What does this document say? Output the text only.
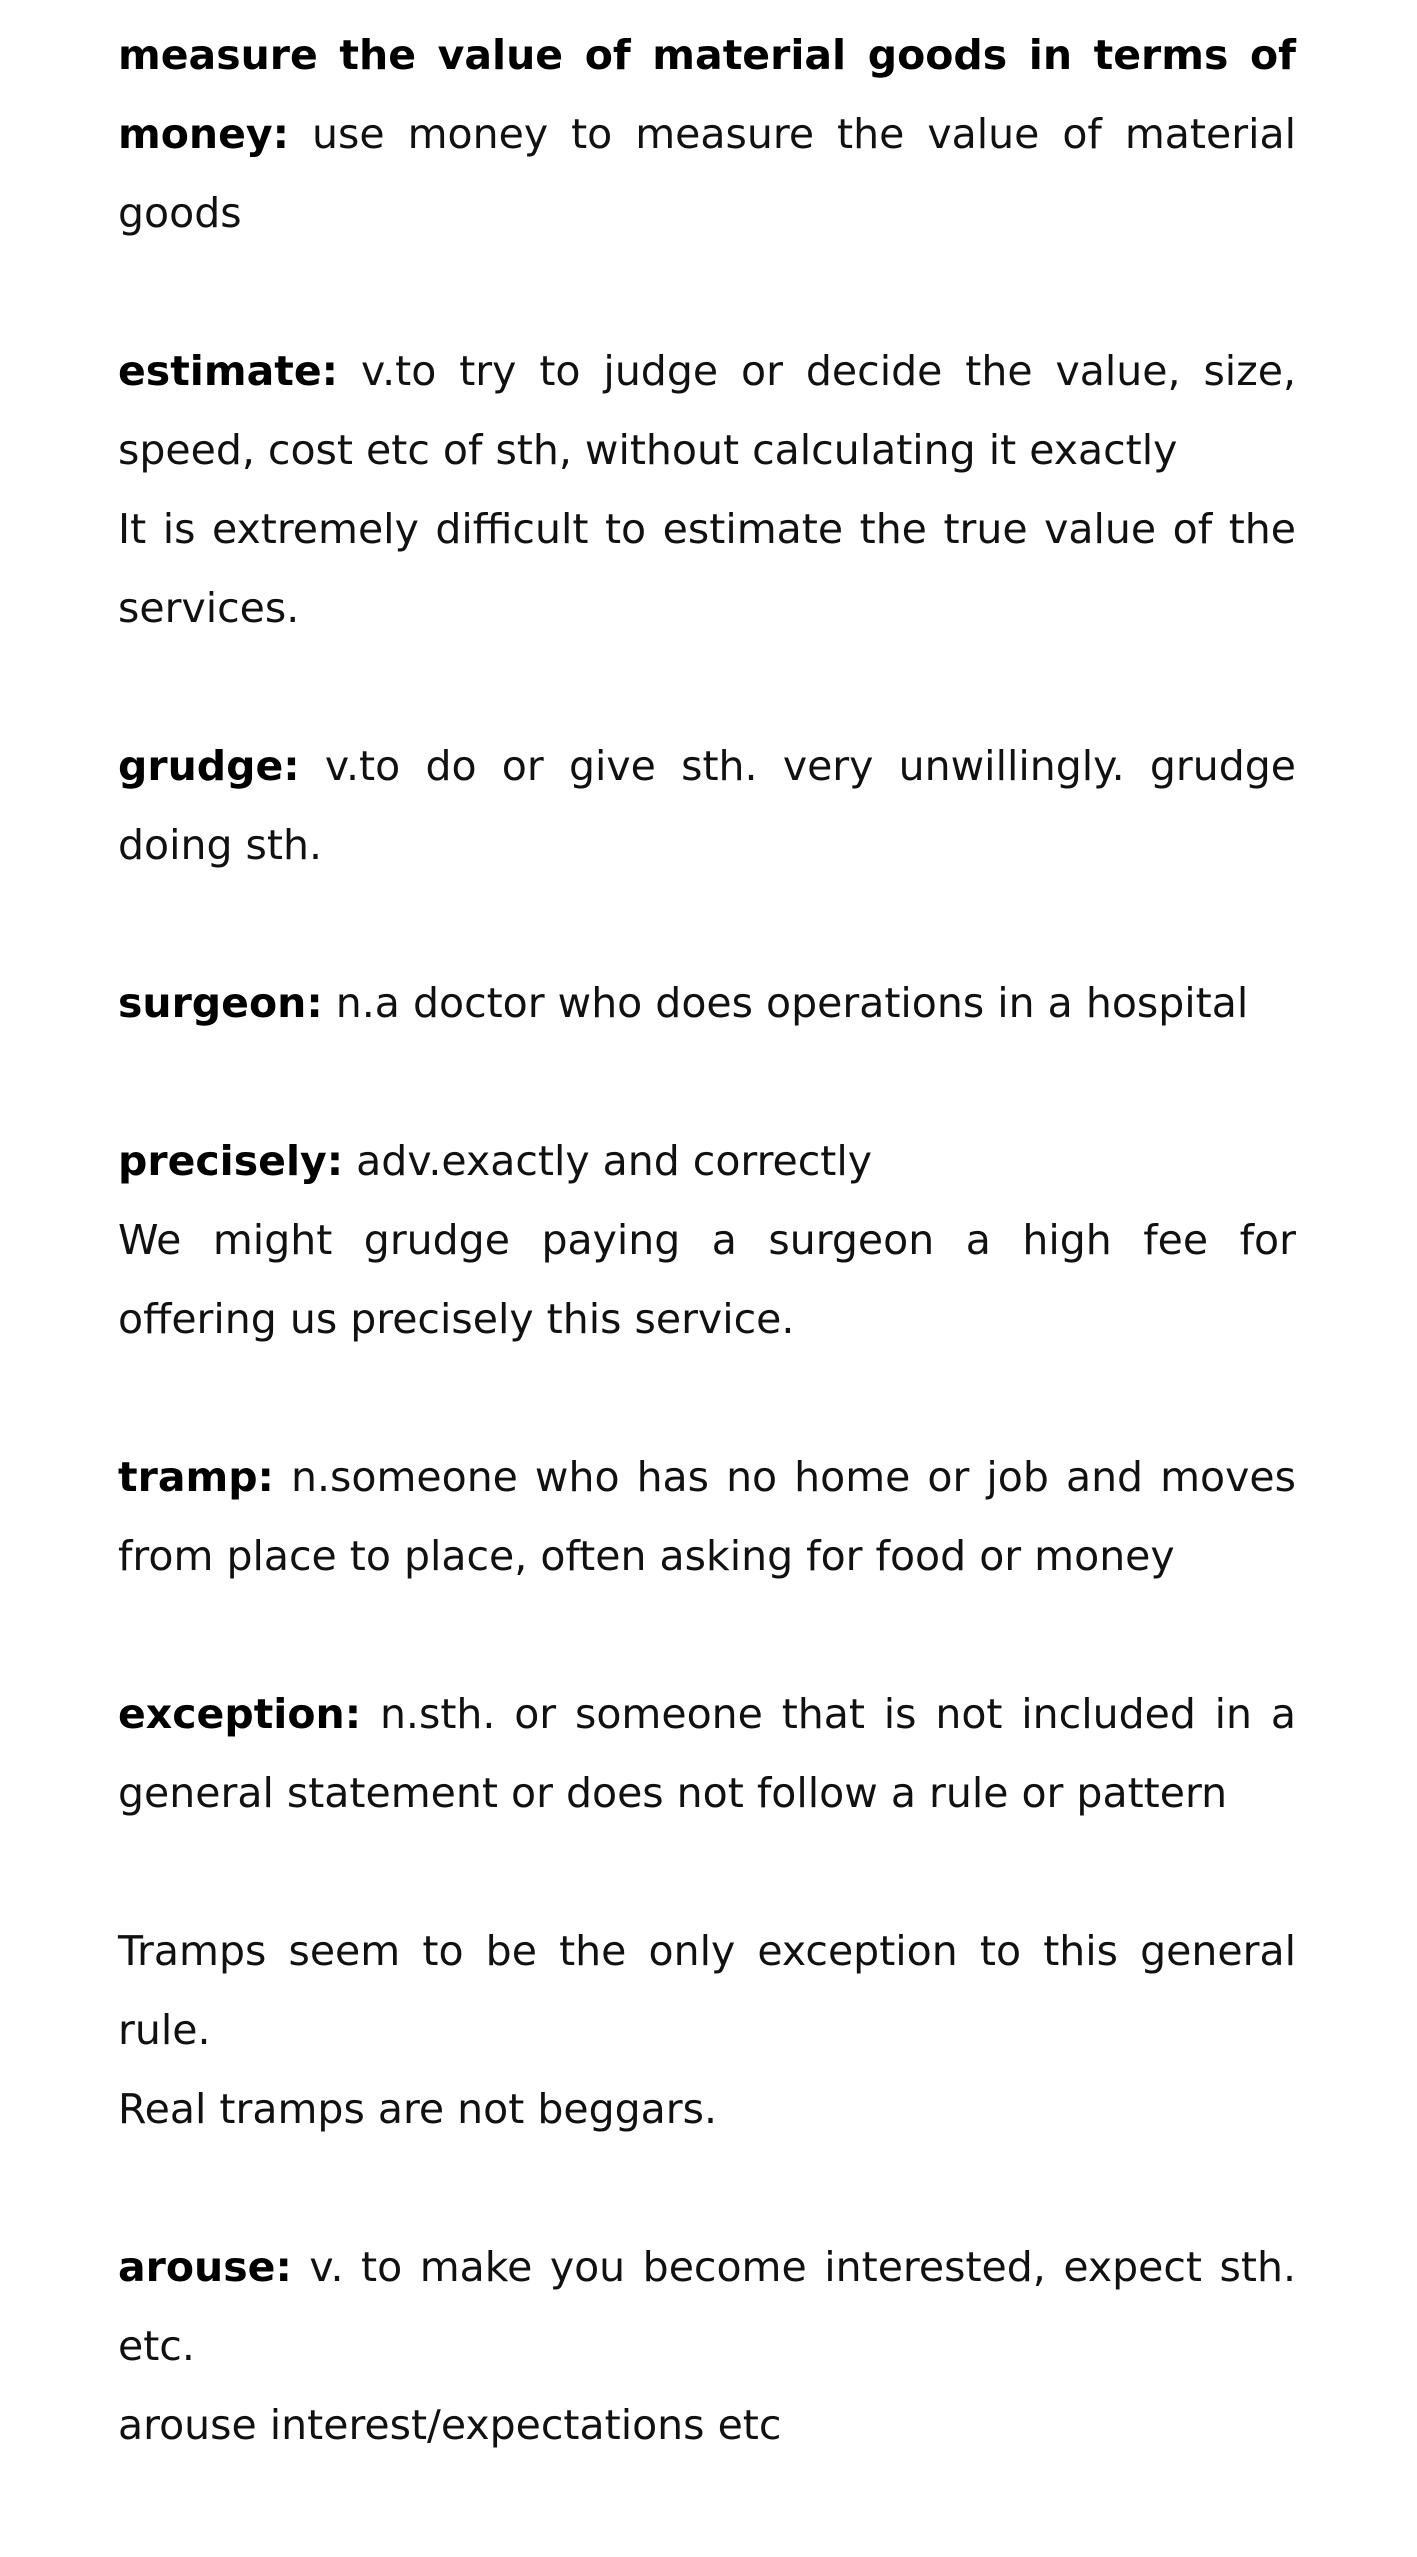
measure the value of material goods in terms of money: use money to measure the value of material goods

estimate: v.to try to judge or decide the value, size, speed, cost etc of sth, without calculating it exactly

It is extremely difficult to estimate the true value of the services.

grudge: v.to do or give sth. very unwillingly. grudge doing sth.

surgeon: n.a doctor who does operations in a hospital

precisely: adv.exactly and correctly

We might grudge paying a surgeon a high fee for offering us precisely this service.

tramp: n.someone who has no home or job and moves from place to place, often asking for food or money

exception: n.sth. or someone that is not included in a general statement or does not follow a rule or pattern

Tramps seem to be the only exception to this general rule.

Real tramps are not beggars.

arouse: v. to make you become interested, expect sth. etc.

arouse interest/expectations etc
